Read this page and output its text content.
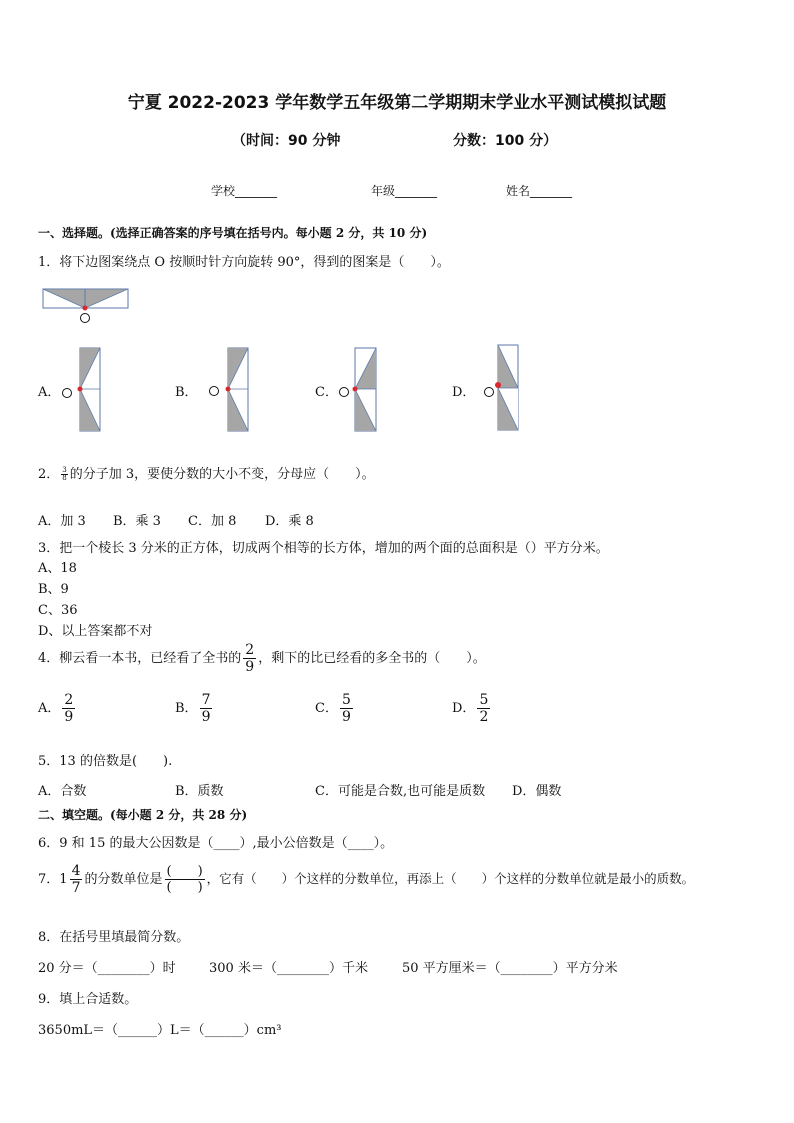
宁夏 2022-2023 学年数学五年级第二学期期末学业水平测试模拟试题
（时间：90 分钟	分数：100 分）
学校_______	年级_______	姓名_______
一、选择题。(选择正确答案的序号填在括号内。每小题 2 分，共 10 分)
1．将下边图案绕点 O 按顺时针方向旋转 90°，得到的图案是（　　）。
A．	B．	C．	D．
2． $\frac{3}{8}$ 的分子加 3，要使分数的大小不变，分母应（　　）。
A．加 3 B．乘 3 C．加 8 D．乘 8
3．把一个棱长 3 分米的正方体，切成两个相等的长方体，增加的两个面的总面积是（）平方分米。
A、18
B、9
C、36
D、以上答案都不对
4．柳云看一本书，已经看了全书的 $\frac{2}{9}$ ，剩下的比已经看的多全书的（　　）。
A． $\frac{2}{9}$	B． $\frac{7}{9}$	C． $\frac{5}{9}$	D． $\frac{5}{2}$
5．13 的倍数是(　　).
A．合数	B．质数	C．可能是合数,也可能是质数 D．偶数
二、填空题。(每小题 2 分，共 28 分)
6．9 和 15 的最大公因数是（____）,最小公倍数是（____）。
7．$1 \frac{4}{7}$ 的分数单位是 $\frac{( )}{( )}$ ，它有（　　）个这样的分数单位，再添上（　　）个这样的分数单位就是最小的质数。
8．在括号里填最简分数。
20 分＝（________）时	300 米＝（________）千米	50 平方厘米＝（________）平方分米
9．填上合适数。
3650mL＝（______）L＝（______）cm³
